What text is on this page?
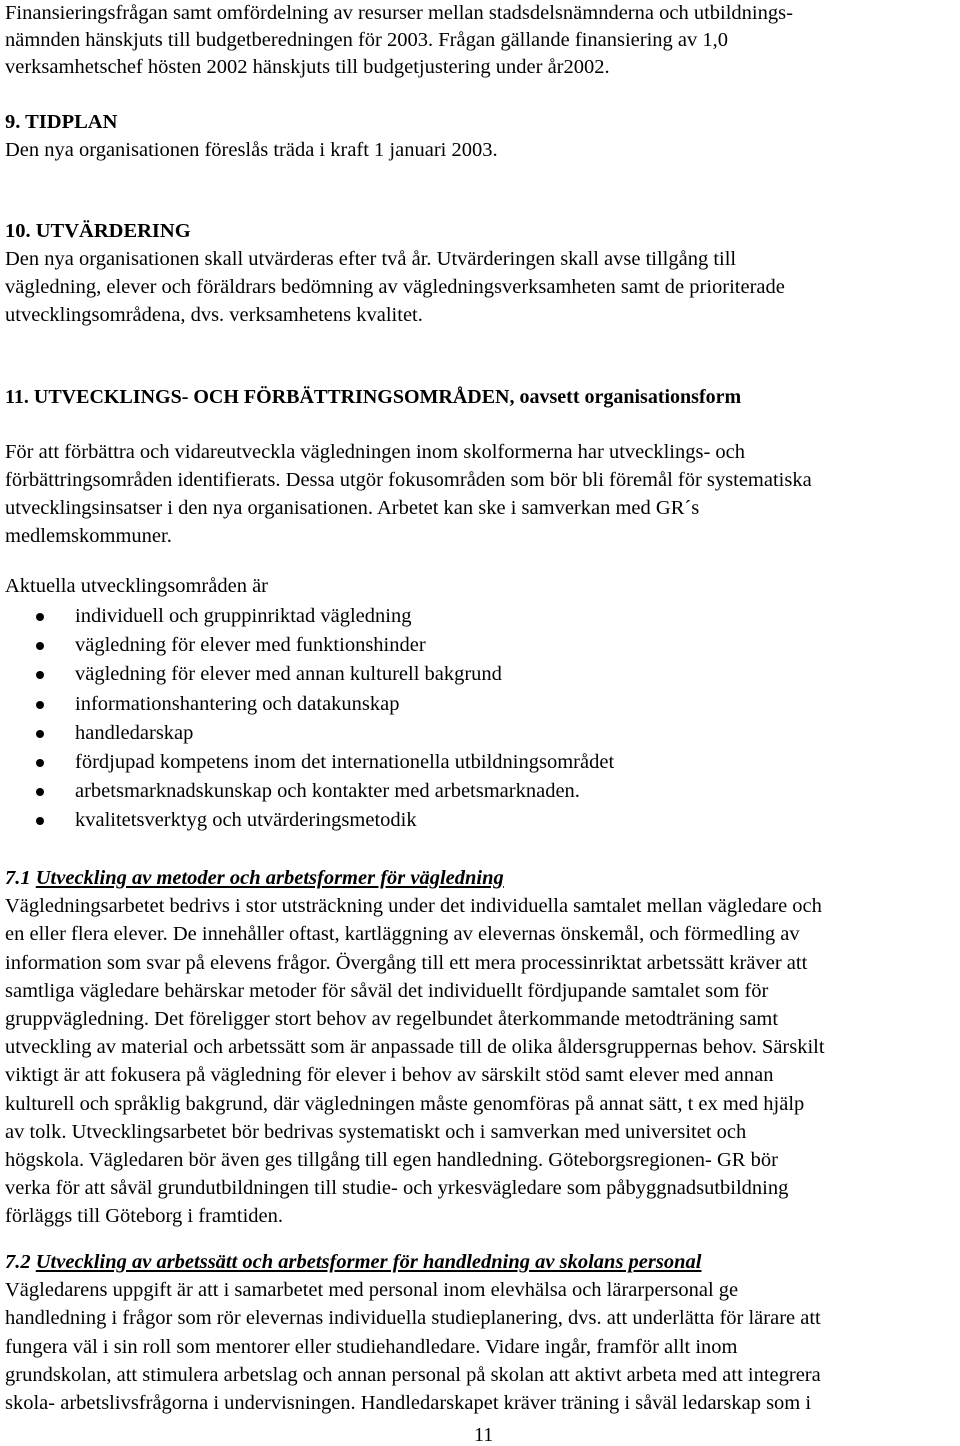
Finansieringsfrågan samt omfördelning av resurser mellan stadsdelsnämnderna och utbildnings-
nämnden hänskjuts till budgetberedningen för 2003. Frågan gällande finansiering av 1,0
verksamhetschef hösten 2002 hänskjuts till budgetjustering under år2002.
9. TIDPLAN

Den nya organisationen föreslås träda i kraft 1 januari 2003.

10. UTVÄRDERING
Den nya organisationen skall utvärderas efter två år. Utvärderingen skall avse tillgång till
vägledning, elever och föräldrars bedömning av vägledningsverksamheten samt de prioriterade
utvecklingsområdena, dvs. verksamhetens kvalitet.
11. UTVECKLINGS- OCH FÖRBÄTTRINGSOMRÅDEN, oavsett organisationsform
För att förbättra och vidareutveckla vägledningen inom skolformerna har utvecklings- och
förbättringsområden identifierats. Dessa utgör fokusområden som bör bli föremål för systematiska
utvecklingsinsatser i den nya organisationen. Arbetet kan ske i samverkan med GR´s
medlemskommuner.

Aktuella utvecklingsområden är

individuell och gruppinriktad vägledning
vägledning för elever med funktionshinder
vägledning för elever med annan kulturell bakgrund
informationshantering och datakunskap
handledarskap
fördjupad kompetens inom det internationella utbildningsområdet
arbetsmarknadskunskap och kontakter med arbetsmarknaden.
kvalitetsverktyg och utvärderingsmetodik
7.1 Utveckling av metoder och arbetsformer för vägledning
Vägledningsarbetet bedrivs i stor utsträckning under det individuella samtalet mellan vägledare och
en eller flera elever. De innehåller oftast, kartläggning av elevernas önskemål, och förmedling av
information som svar på elevens frågor. Övergång till ett mera processinriktat arbetssätt kräver att
samtliga vägledare behärskar metoder för såväl det individuellt fördjupande samtalet som för
gruppvägledning. Det föreligger stort behov av regelbundet återkommande metodträning samt
utveckling av material och arbetssätt som är anpassade till de olika åldersgruppernas behov. Särskilt
viktigt är att fokusera på vägledning för elever i behov av särskilt stöd samt elever med annan
kulturell och språklig bakgrund, där vägledningen måste genomföras på annat sätt, t ex med hjälp
av tolk. Utvecklingsarbetet bör bedrivas systematiskt och i samverkan med universitet och
högskola. Vägledaren bör även ges tillgång till egen handledning. Göteborgsregionen- GR bör
verka för att såväl grundutbildningen till studie- och yrkesvägledare som påbyggnadsutbildning
förläggs till Göteborg i framtiden.
7.2 Utveckling av arbetssätt och arbetsformer för handledning av skolans personal
Vägledarens uppgift är att i samarbetet med personal inom elevhälsa och lärarpersonal ge
handledning i frågor som rör elevernas individuella studieplanering, dvs. att underlätta för lärare att
fungera väl i sin roll som mentorer eller studiehandledare. Vidare ingår, framför allt inom
grundskolan, att stimulera arbetslag och annan personal på skolan att aktivt arbeta med att integrera
skola- arbetslivsfrågorna i undervisningen. Handledarskapet kräver träning i såväl ledarskap som i
11
